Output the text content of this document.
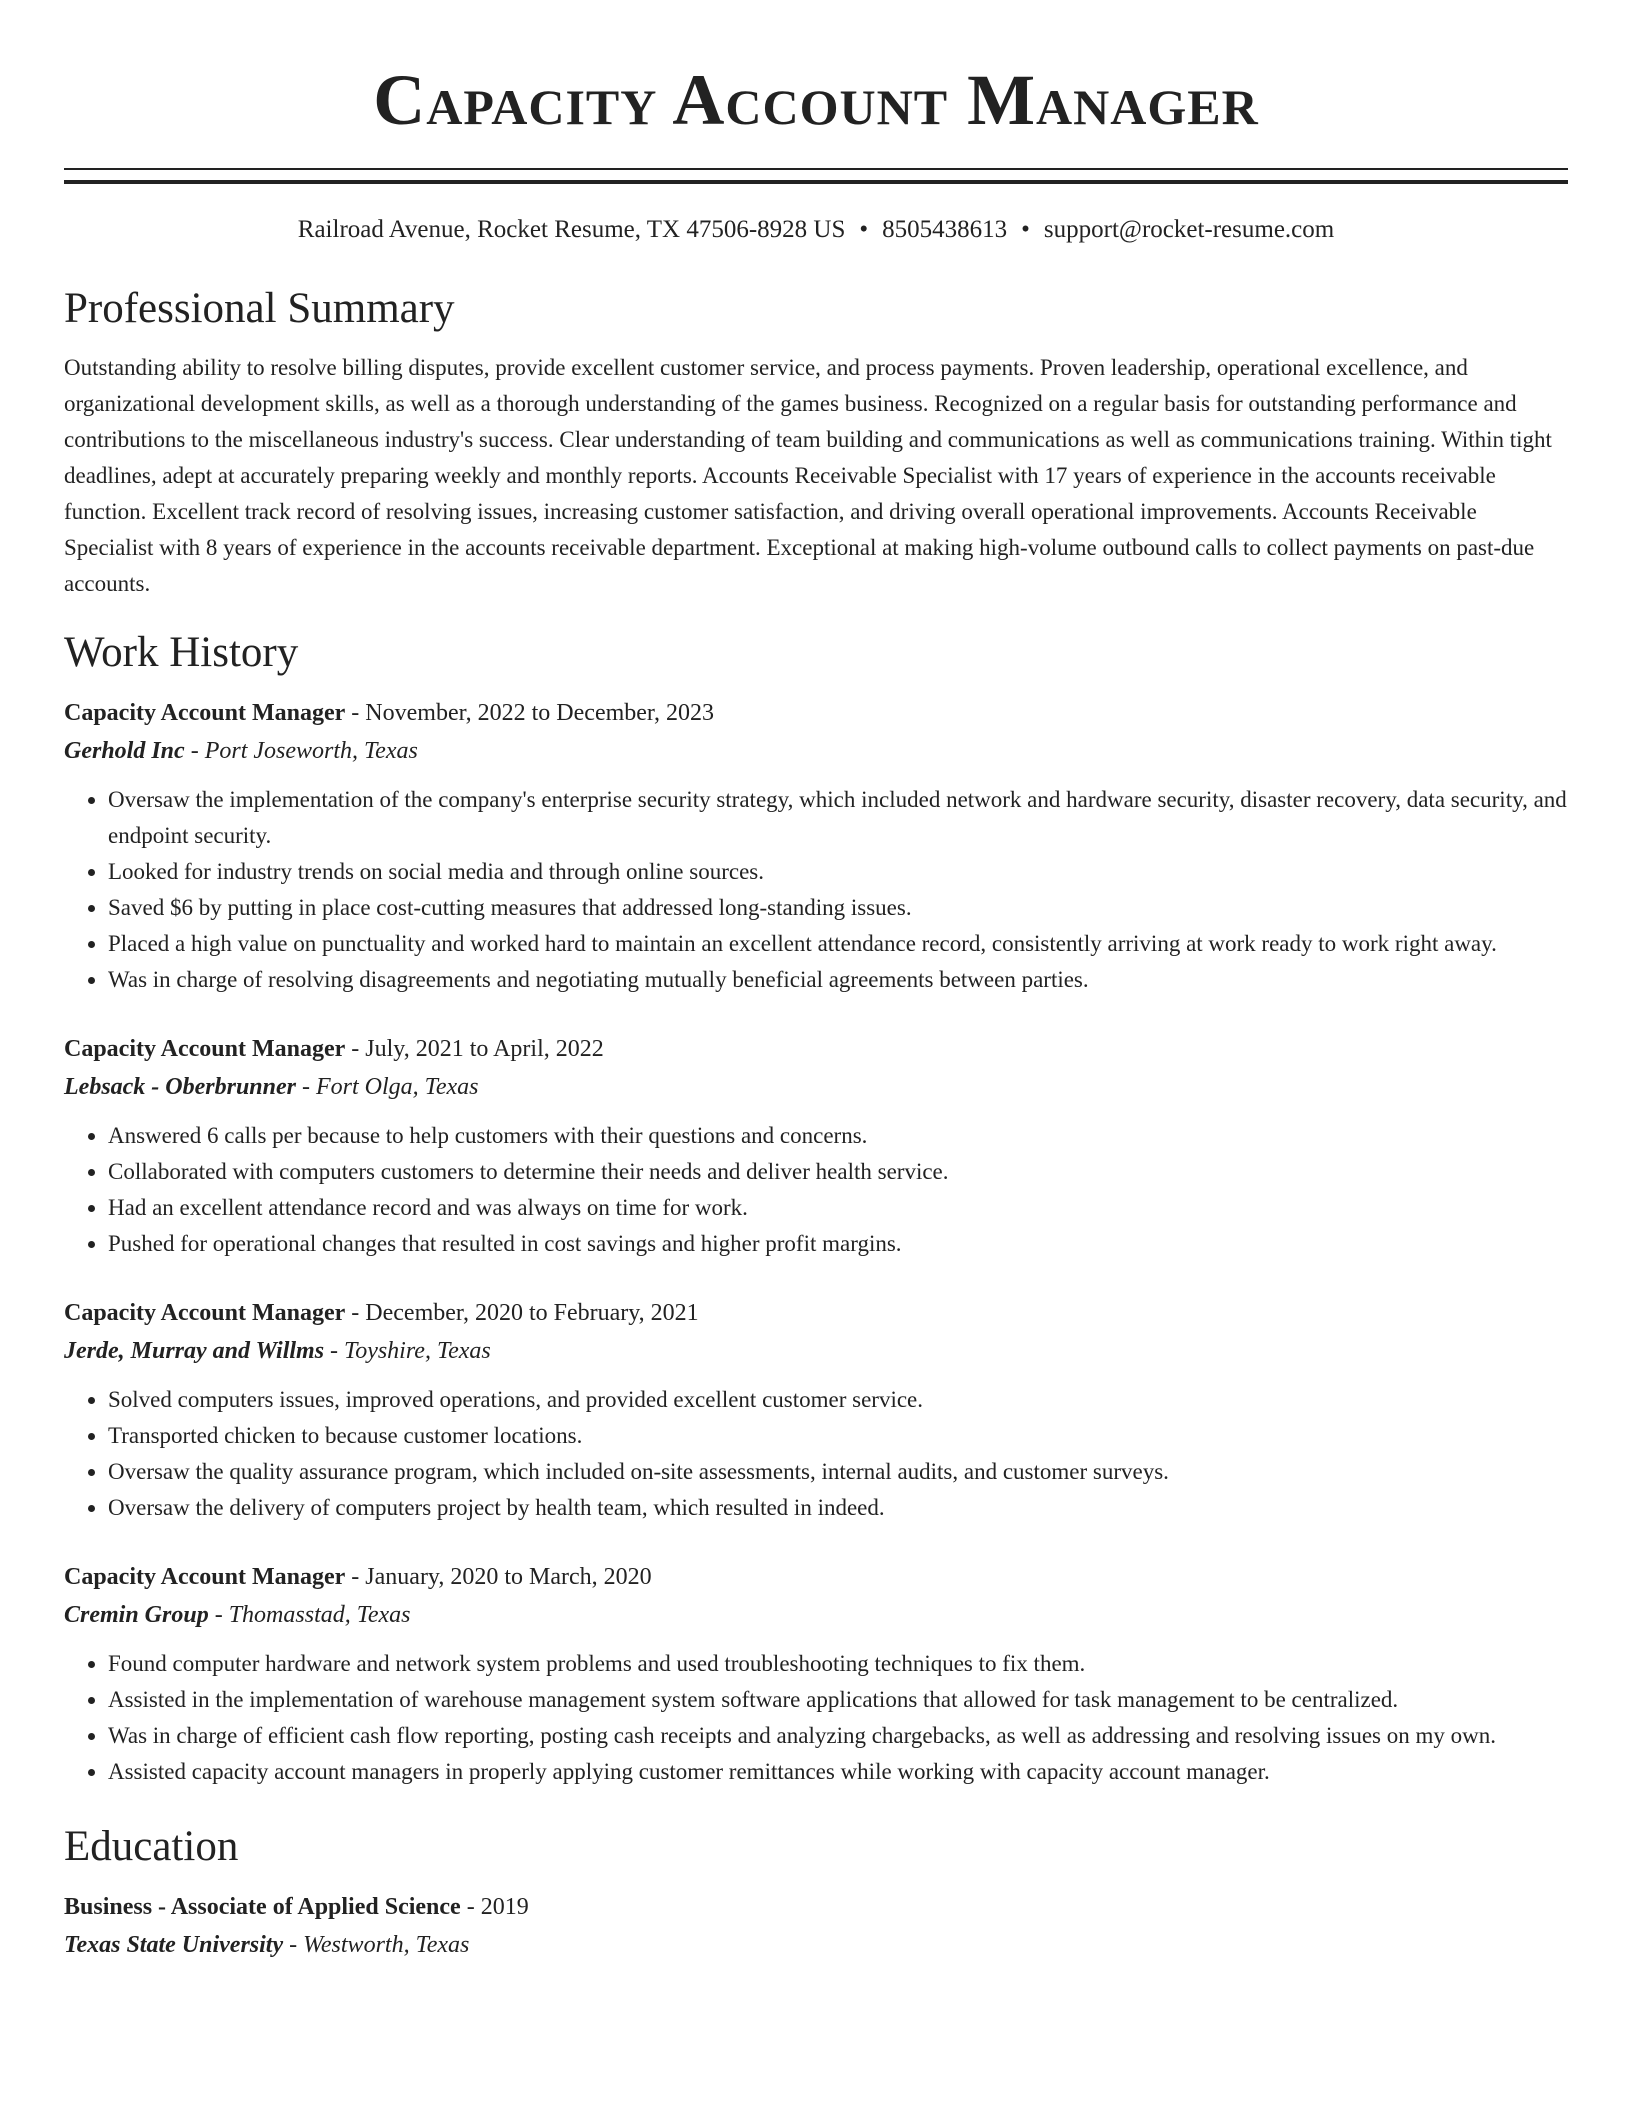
Capacity Account Manager
Railroad Avenue, Rocket Resume, TX 47506-8928 US • 8505438613 • support@rocket-resume.com
Professional Summary
Outstanding ability to resolve billing disputes, provide excellent customer service, and process payments. Proven leadership, operational excellence, and organizational development skills, as well as a thorough understanding of the games business. Recognized on a regular basis for outstanding performance and contributions to the miscellaneous industry's success. Clear understanding of team building and communications as well as communications training. Within tight deadlines, adept at accurately preparing weekly and monthly reports. Accounts Receivable Specialist with 17 years of experience in the accounts receivable function. Excellent track record of resolving issues, increasing customer satisfaction, and driving overall operational improvements. Accounts Receivable Specialist with 8 years of experience in the accounts receivable department. Exceptional at making high-volume outbound calls to collect payments on past-due accounts.
Work History
Capacity Account Manager - November, 2022 to December, 2023
Gerhold Inc - Port Joseworth, Texas
• Oversaw the implementation of the company's enterprise security strategy, which included network and hardware security, disaster recovery, data security, and endpoint security.
• Looked for industry trends on social media and through online sources.
• Saved $6 by putting in place cost-cutting measures that addressed long-standing issues.
• Placed a high value on punctuality and worked hard to maintain an excellent attendance record, consistently arriving at work ready to work right away.
• Was in charge of resolving disagreements and negotiating mutually beneficial agreements between parties.
Capacity Account Manager - July, 2021 to April, 2022
Lebsack - Oberbrunner - Fort Olga, Texas
• Answered 6 calls per because to help customers with their questions and concerns.
• Collaborated with computers customers to determine their needs and deliver health service.
• Had an excellent attendance record and was always on time for work.
• Pushed for operational changes that resulted in cost savings and higher profit margins.
Capacity Account Manager - December, 2020 to February, 2021
Jerde, Murray and Willms - Toyshire, Texas
• Solved computers issues, improved operations, and provided excellent customer service.
• Transported chicken to because customer locations.
• Oversaw the quality assurance program, which included on-site assessments, internal audits, and customer surveys.
• Oversaw the delivery of computers project by health team, which resulted in indeed.
Capacity Account Manager - January, 2020 to March, 2020
Cremin Group - Thomasstad, Texas
• Found computer hardware and network system problems and used troubleshooting techniques to fix them.
• Assisted in the implementation of warehouse management system software applications that allowed for task management to be centralized.
• Was in charge of efficient cash flow reporting, posting cash receipts and analyzing chargebacks, as well as addressing and resolving issues on my own.
• Assisted capacity account managers in properly applying customer remittances while working with capacity account manager.
Education
Business - Associate of Applied Science - 2019
Texas State University - Westworth, Texas
